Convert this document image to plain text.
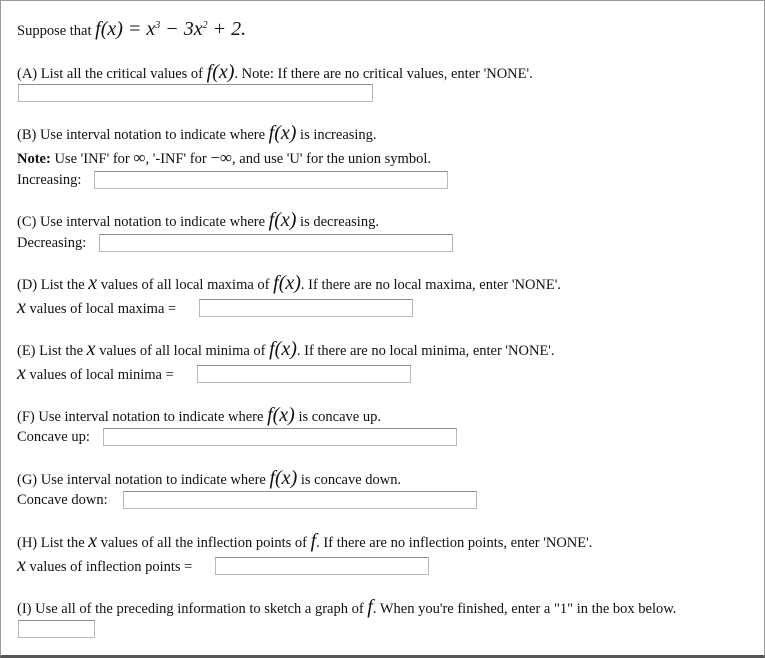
Suppose that $f(x) = x^3 - 3x^2 + 2$.
(A) List all the critical values of f(x). Note: If there are no critical values, enter 'NONE'.
(B) Use interval notation to indicate where f(x) is increasing.
Note: Use 'INF' for ∞, '-INF' for −∞, and use 'U' for the union symbol.
Increasing:
(C) Use interval notation to indicate where f(x) is decreasing.
Decreasing:
(D) List the x values of all local maxima of f(x). If there are no local maxima, enter 'NONE'.
x values of local maxima =
(E) List the x values of all local minima of f(x). If there are no local minima, enter 'NONE'.
x values of local minima =
(F) Use interval notation to indicate where f(x) is concave up.
Concave up:
(G) Use interval notation to indicate where f(x) is concave down.
Concave down:
(H) List the x values of all the inflection points of f. If there are no inflection points, enter 'NONE'.
x values of inflection points =
(I) Use all of the preceding information to sketch a graph of f. When you're finished, enter a "1" in the box below.
